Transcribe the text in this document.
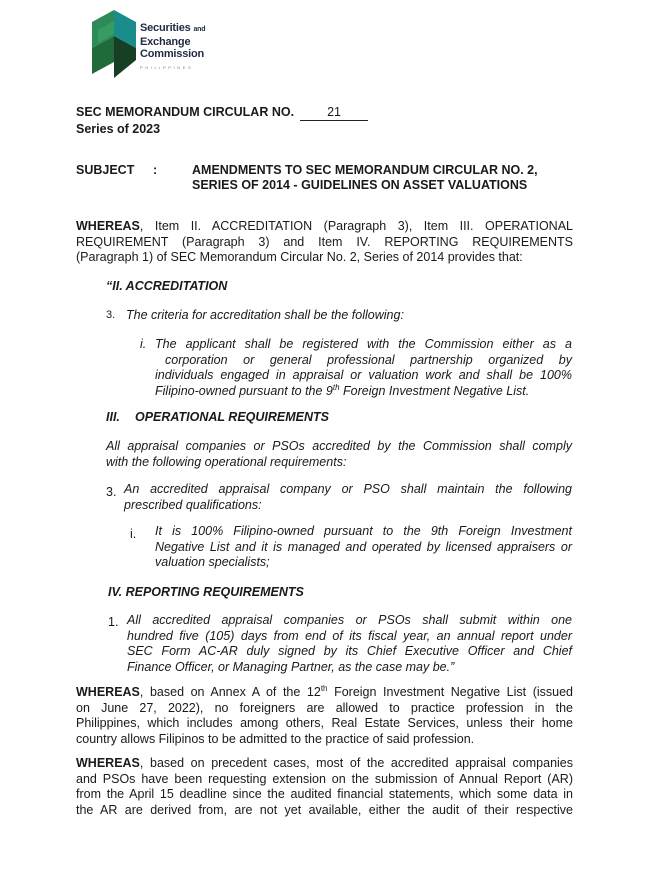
Securities and
Exchange
Commission
PHILIPPINES
SEC MEMORANDUM CIRCULAR NO.	21
Series of 2023
SUBJECT :	AMENDMENTS TO SEC MEMORANDUM CIRCULAR NO. 2,
SERIES OF 2014 - GUIDELINES ON ASSET VALUATIONS
WHEREAS, Item II. ACCREDITATION (Paragraph 3), Item III. OPERATIONAL
REQUIREMENT (Paragraph 3) and Item IV. REPORTING REQUIREMENTS
(Paragraph 1) of SEC Memorandum Circular No. 2, Series of 2014 provides that:
“II. ACCREDITATION
3. The criteria for accreditation shall be the following:
i. The applicant shall be registered with the Commission either as a
corporation or general professional partnership organized by
individuals engaged in appraisal or valuation work and shall be 100%
Filipino-owned pursuant to the 9th Foreign Investment Negative List.
III. OPERATIONAL REQUIREMENTS
All appraisal companies or PSOs accredited by the Commission shall comply
with the following operational requirements:
3. An accredited appraisal company or PSO shall maintain the following
prescribed qualifications:
i. It is 100% Filipino-owned pursuant to the 9th Foreign Investment
Negative List and it is managed and operated by licensed appraisers or
valuation specialists;
IV. REPORTING REQUIREMENTS
1. All accredited appraisal companies or PSOs shall submit within one
hundred five (105) days from end of its fiscal year, an annual report under
SEC Form AC-AR duly signed by its Chief Executive Officer and Chief
Finance Officer, or Managing Partner, as the case may be.”
WHEREAS, based on Annex A of the 12th Foreign Investment Negative List (issued
on June 27, 2022), no foreigners are allowed to practice profession in the
Philippines, which includes among others, Real Estate Services, unless their home
country allows Filipinos to be admitted to the practice of said profession.
WHEREAS, based on precedent cases, most of the accredited appraisal companies
and PSOs have been requesting extension on the submission of Annual Report (AR)
from the April 15 deadline since the audited financial statements, which some data in
the AR are derived from, are not yet available, either the audit of their respective
